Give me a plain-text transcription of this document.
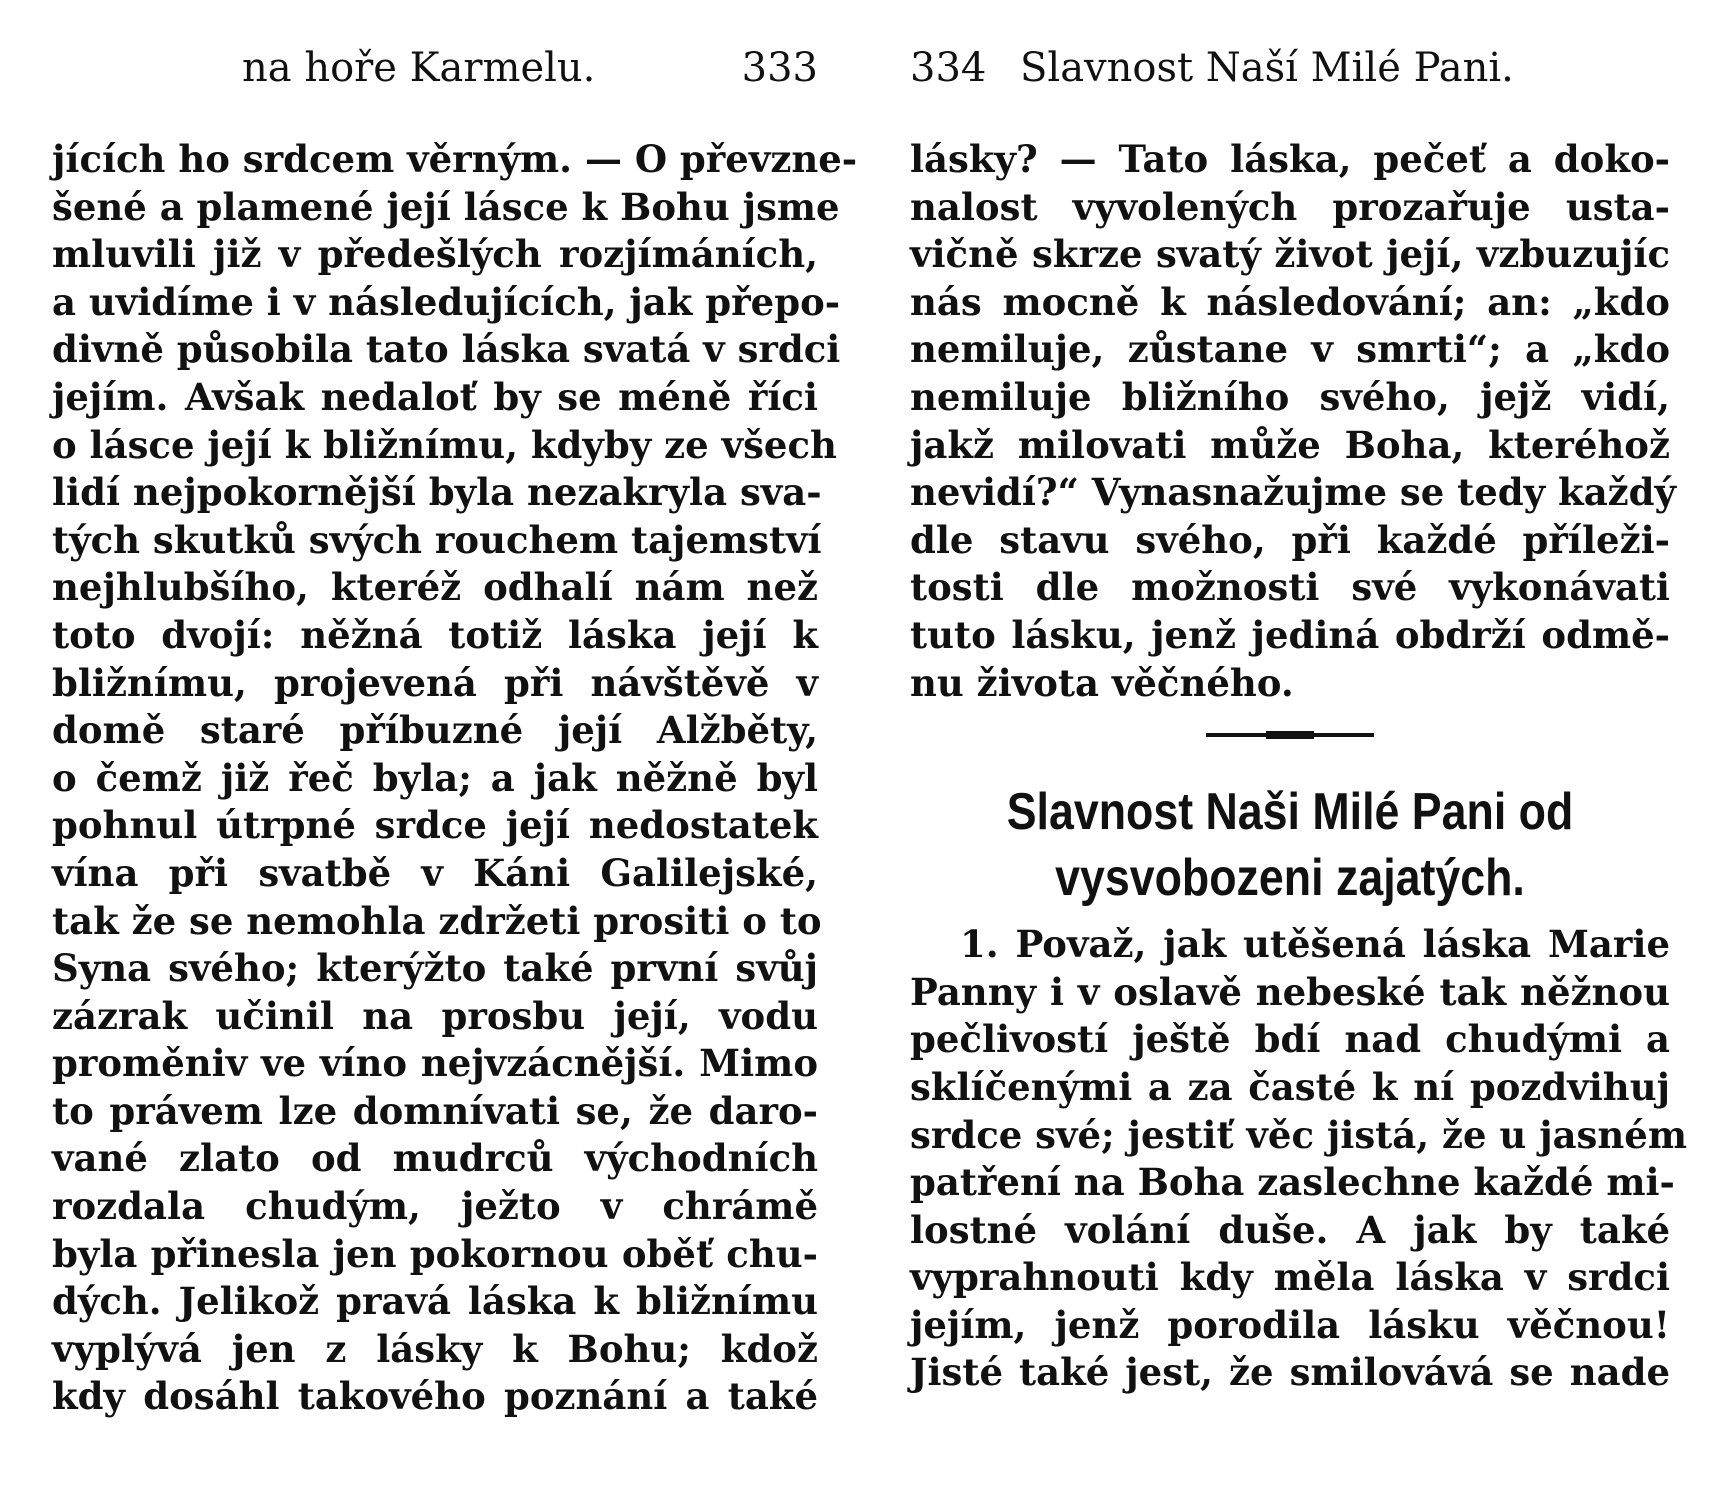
na hoře Karmelu.	333
jících ho srdcem věrným. — O převzne-
šené a plamené její lásce k Bohu jsme
mluvili již v předešlých rozjímáních,
a uvidíme i v následujících, jak přepo-
divně působila tato láska svatá v srdci
jejím. Avšak nedaloť by se méně říci
o lásce její k bližnímu, kdyby ze všech
lidí nejpokornější byla nezakryla sva-
tých skutků svých rouchem tajemství
nejhlubšího, kteréž odhalí nám než
toto dvojí: něžná totiž láska její k
bližnímu, projevená při návštěvě v
domě staré příbuzné její Alžběty,
o čemž již řeč byla; a jak něžně byl
pohnul útrpné srdce její nedostatek
vína při svatbě v Káni Galilejské,
tak že se nemohla zdržeti prositi o to
Syna svého; kterýžto také první svůj
zázrak učinil na prosbu její, vodu
proměniv ve víno nejvzácnější. Mimo
to právem lze domnívati se, že daro-
vané zlato od mudrců východních
rozdala chudým, ježto v chrámě
byla přinesla jen pokornou oběť chu-
dých. Jelikož pravá láska k bližnímu
vyplývá jen z lásky k Bohu; kdož
kdy dosáhl takového poznání a také
334 Slavnost Naší Milé Pani.
lásky? — Tato láska, pečeť a doko-
nalost vyvolených prozařuje usta-
vičně skrze svatý život její, vzbuzujíc
nás mocně k následování; an: „kdo
nemiluje, zůstane v smrti“; a „kdo
nemiluje bližního svého, jejž vidí,
jakž milovati může Boha, kteréhož
nevidí?“ Vynasnažujme se tedy každý
dle stavu svého, při každé příleži-
tosti dle možnosti své vykonávati
tuto lásku, jenž jediná obdrží odmě-
nu života věčného.
Slavnost Naši Milé Pani od
vysvobozeni zajatých.
1. Považ, jak utěšená láska Marie
Panny i v oslavě nebeské tak něžnou
pečlivostí ještě bdí nad chudými a
sklíčenými a za časté k ní pozdvihuj
srdce své; jestiť věc jistá, že u jasném
patření na Boha zaslechne každé mi-
lostné volání duše. A jak by také
vyprahnouti kdy měla láska v srdci
jejím, jenž porodila lásku věčnou!
Jisté také jest, že smilovává se nade
